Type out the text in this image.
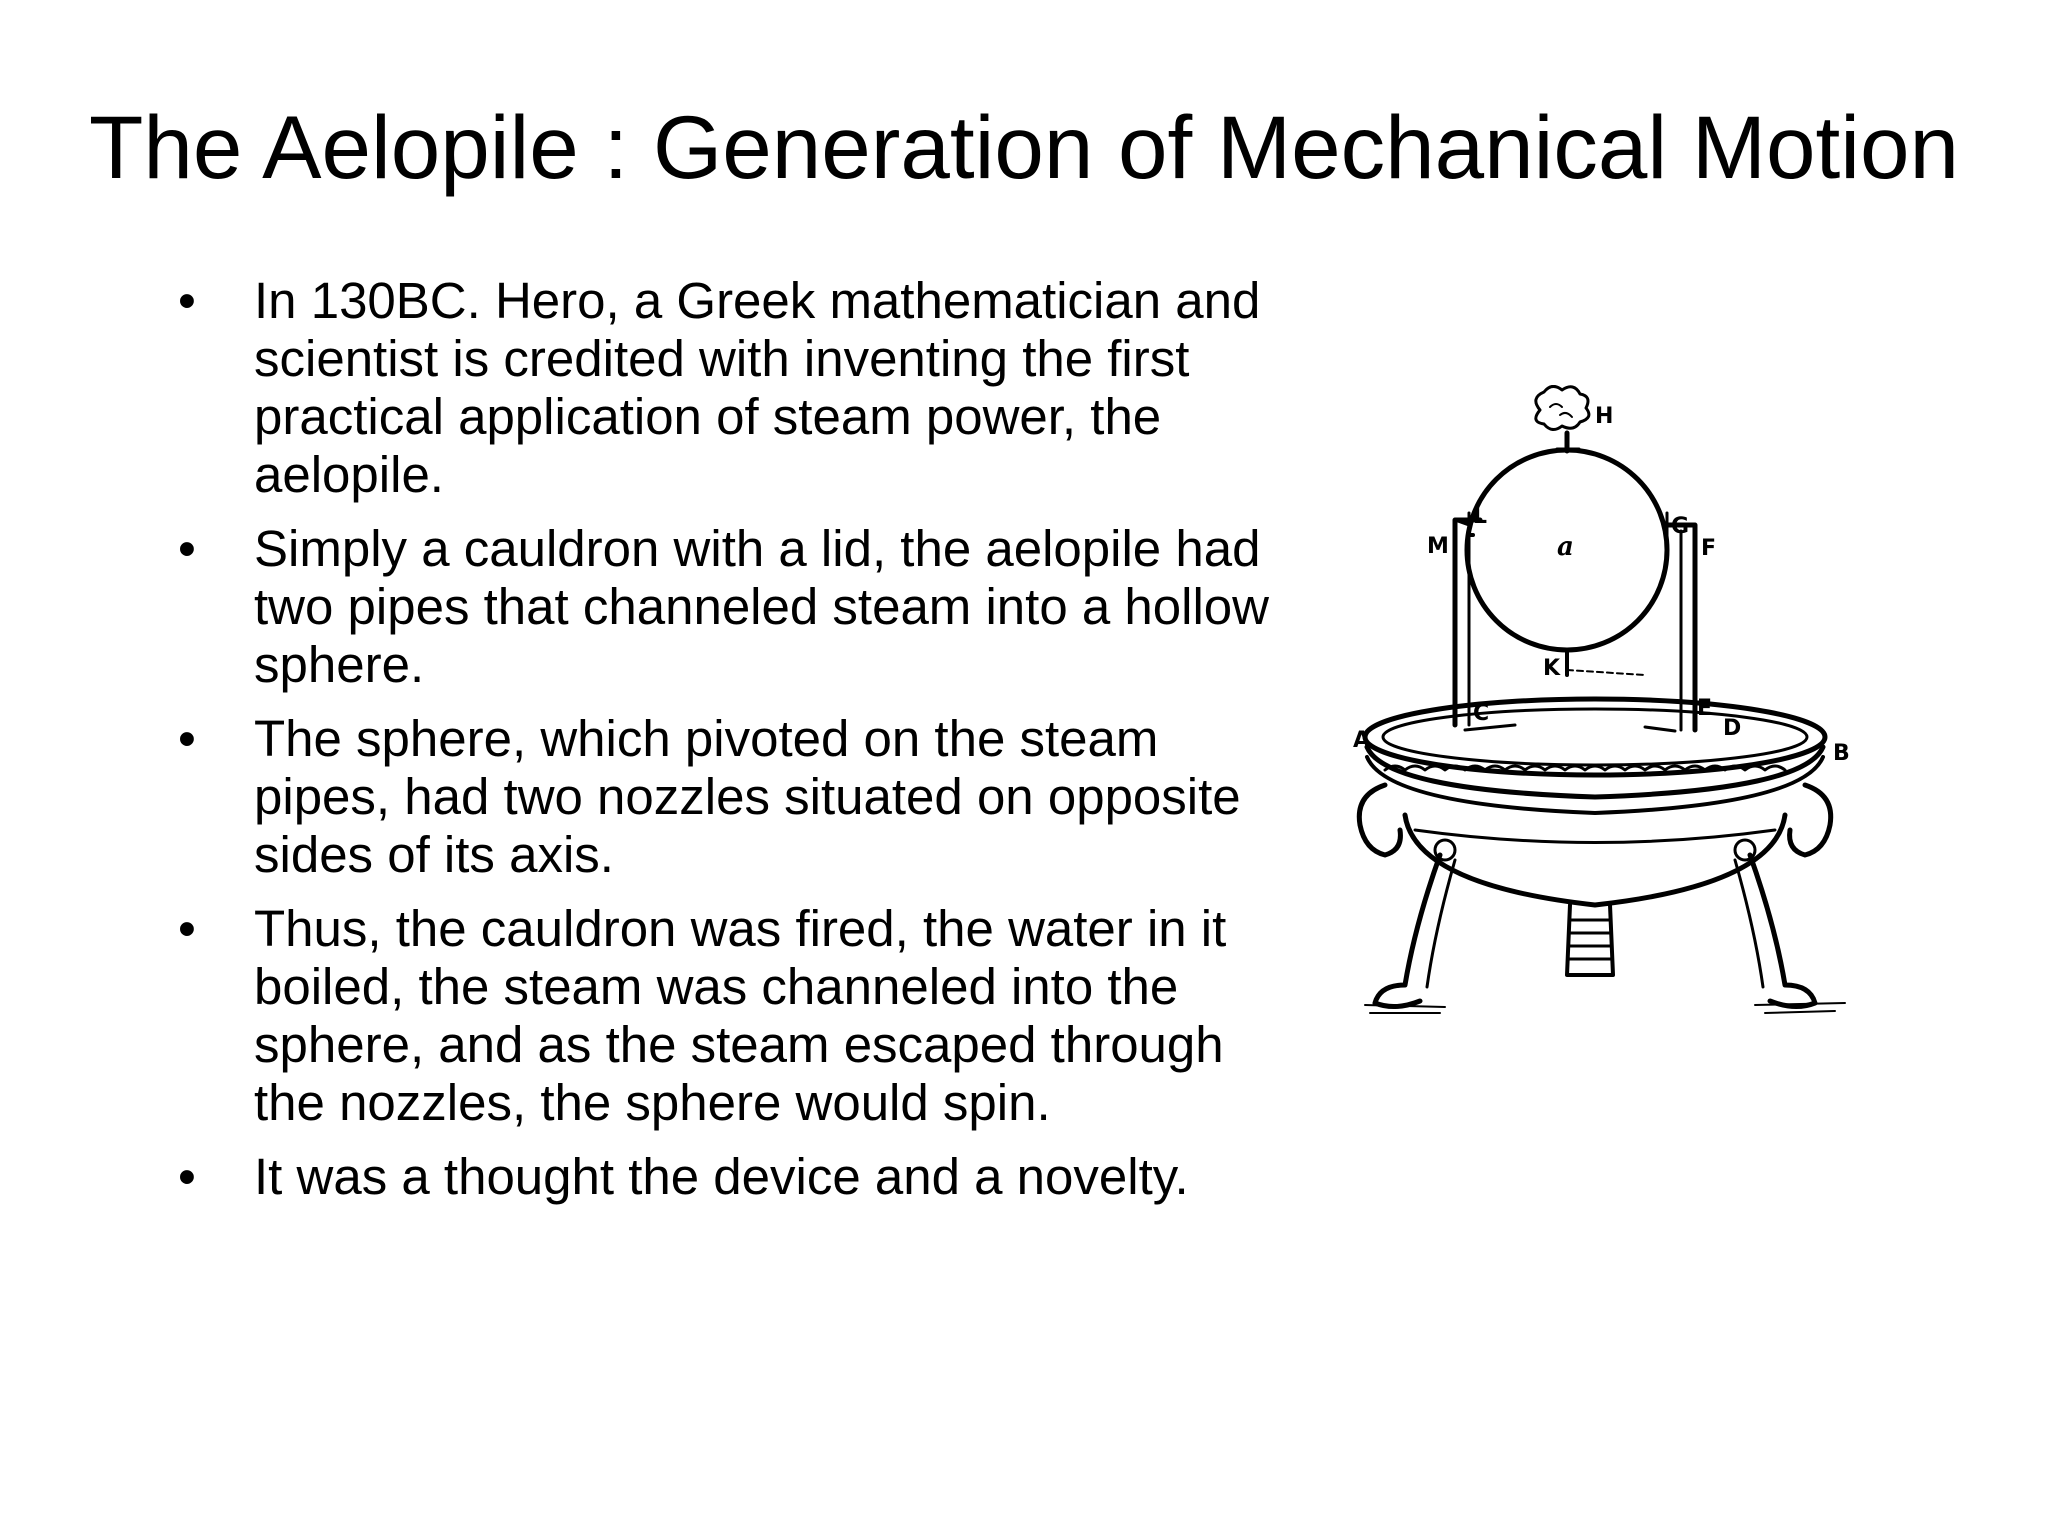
The Aelopile : Generation of Mechanical Motion
•	In 130BC. Hero, a Greek mathematician and scientist is credited with inventing the first practical application of steam power, the aelopile.
•	Simply a cauldron with a lid, the aelopile had two pipes that channeled steam into a hollow sphere.
•	The sphere, which pivoted on the steam pipes, had two nozzles situated on opposite sides of its axis.
•	Thus, the cauldron was fired, the water in it boiled, the steam was channeled into the sphere, and as the steam escaped through the nozzles, the sphere would spin.
•	It was a thought the device and a novelty.
H
M
L
a
G
F
K
C	E
D
A
B
